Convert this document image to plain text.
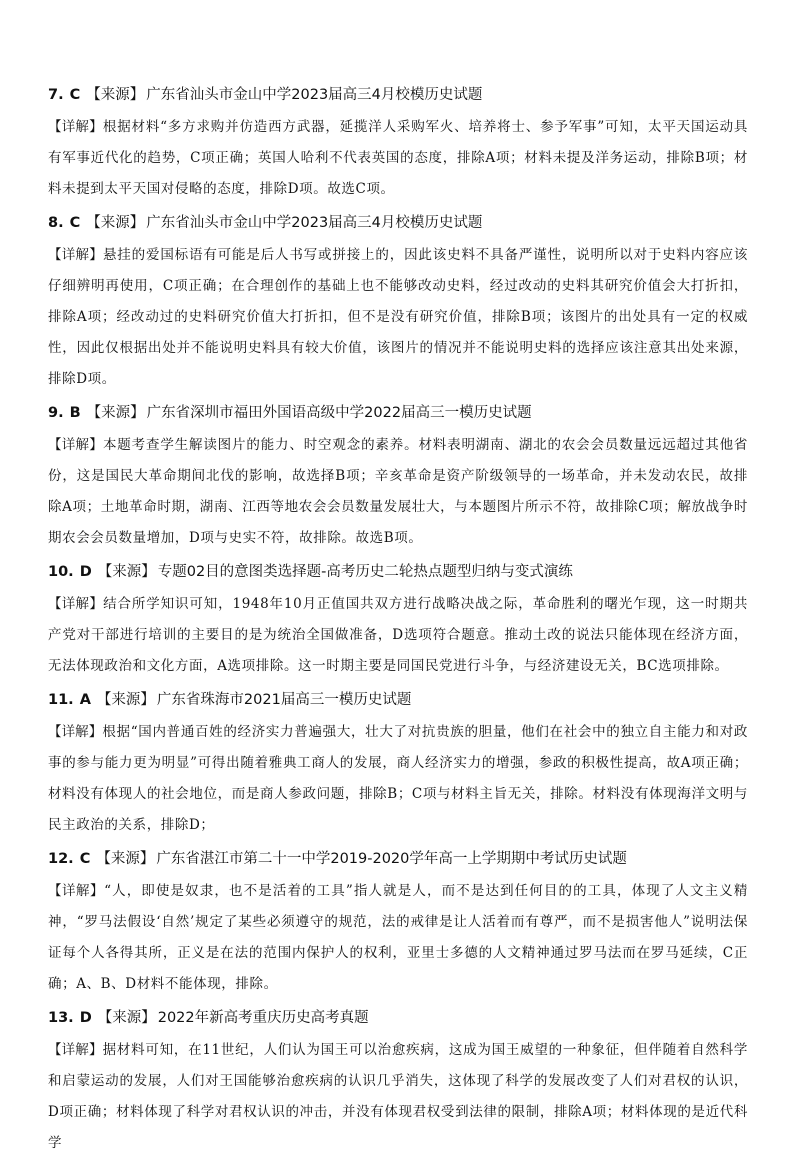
7. C 【来源】 广东省汕头市金山中学2023届高三4月校模历史试题
【详解】根据材料“多方求购并仿造西方武器，延揽洋人采购军火、培养将士、参予军事”可知，太平天国运动具有军事近代化的趋势，C项正确；英国人哈利不代表英国的态度，排除A项；材料未提及洋务运动，排除B项；材料未提到太平天国对侵略的态度，排除D项。故选C项。
8. C 【来源】 广东省汕头市金山中学2023届高三4月校模历史试题
【详解】悬挂的爱国标语有可能是后人书写或拼接上的，因此该史料不具备严谨性，说明所以对于史料内容应该仔细辨明再使用，C项正确；在合理创作的基础上也不能够改动史料，经过改动的史料其研究价值会大打折扣，排除A项；经改动过的史料研究价值大打折扣，但不是没有研究价值，排除B项；该图片的出处具有一定的权威性，因此仅根据出处并不能说明史料具有较大价值，该图片的情况并不能说明史料的选择应该注意其出处来源，排除D项。
9. B 【来源】 广东省深圳市福田外国语高级中学2022届高三一模历史试题
【详解】本题考查学生解读图片的能力、时空观念的素养。材料表明湖南、湖北的农会会员数量远远超过其他省份，这是国民大革命期间北伐的影响，故选择B项；辛亥革命是资产阶级领导的一场革命，并未发动农民，故排除A项；土地革命时期，湖南、江西等地农会会员数量发展壮大，与本题图片所示不符，故排除C项；解放战争时期农会会员数量增加，D项与史实不符，故排除。故选B项。
10. D 【来源】 专题02目的意图类选择题-高考历史二轮热点题型归纳与变式演练
【详解】结合所学知识可知，1948年10月正值国共双方进行战略决战之际，革命胜利的曙光乍现，这一时期共产党对干部进行培训的主要目的是为统治全国做准备，D选项符合题意。推动土改的说法只能体现在经济方面，无法体现政治和文化方面，A选项排除。这一时期主要是同国民党进行斗争，与经济建设无关，BC选项排除。
11. A 【来源】 广东省珠海市2021届高三一模历史试题
【详解】根据“国内普通百姓的经济实力普遍强大，壮大了对抗贵族的胆量，他们在社会中的独立自主能力和对政事的参与能力更为明显”可得出随着雅典工商人的发展，商人经济实力的增强，参政的积极性提高，故A项正确；材料没有体现人的社会地位，而是商人参政问题，排除B；C项与材料主旨无关，排除。材料没有体现海洋文明与民主政治的关系，排除D；
12. C 【来源】 广东省湛江市第二十一中学2019-2020学年高一上学期期中考试历史试题
【详解】“人，即使是奴隶，也不是活着的工具”指人就是人，而不是达到任何目的的工具，体现了人文主义精神，“罗马法假设‘自然’规定了某些必须遵守的规范，法的戒律是让人活着而有尊严，而不是损害他人”说明法保证每个人各得其所，正义是在法的范围内保护人的权利，亚里士多德的人文精神通过罗马法而在罗马延续，C正确；A、B、D材料不能体现，排除。
13. D 【来源】 2022年新高考重庆历史高考真题
【详解】据材料可知，在11世纪，人们认为国王可以治愈疾病，这成为国王威望的一种象征，但伴随着自然科学和启蒙运动的发展，人们对王国能够治愈疾病的认识几乎消失，这体现了科学的发展改变了人们对君权的认识，D项正确；材料体现了科学对君权认识的冲击，并没有体现君权受到法律的限制，排除A项；材料体现的是近代科学
